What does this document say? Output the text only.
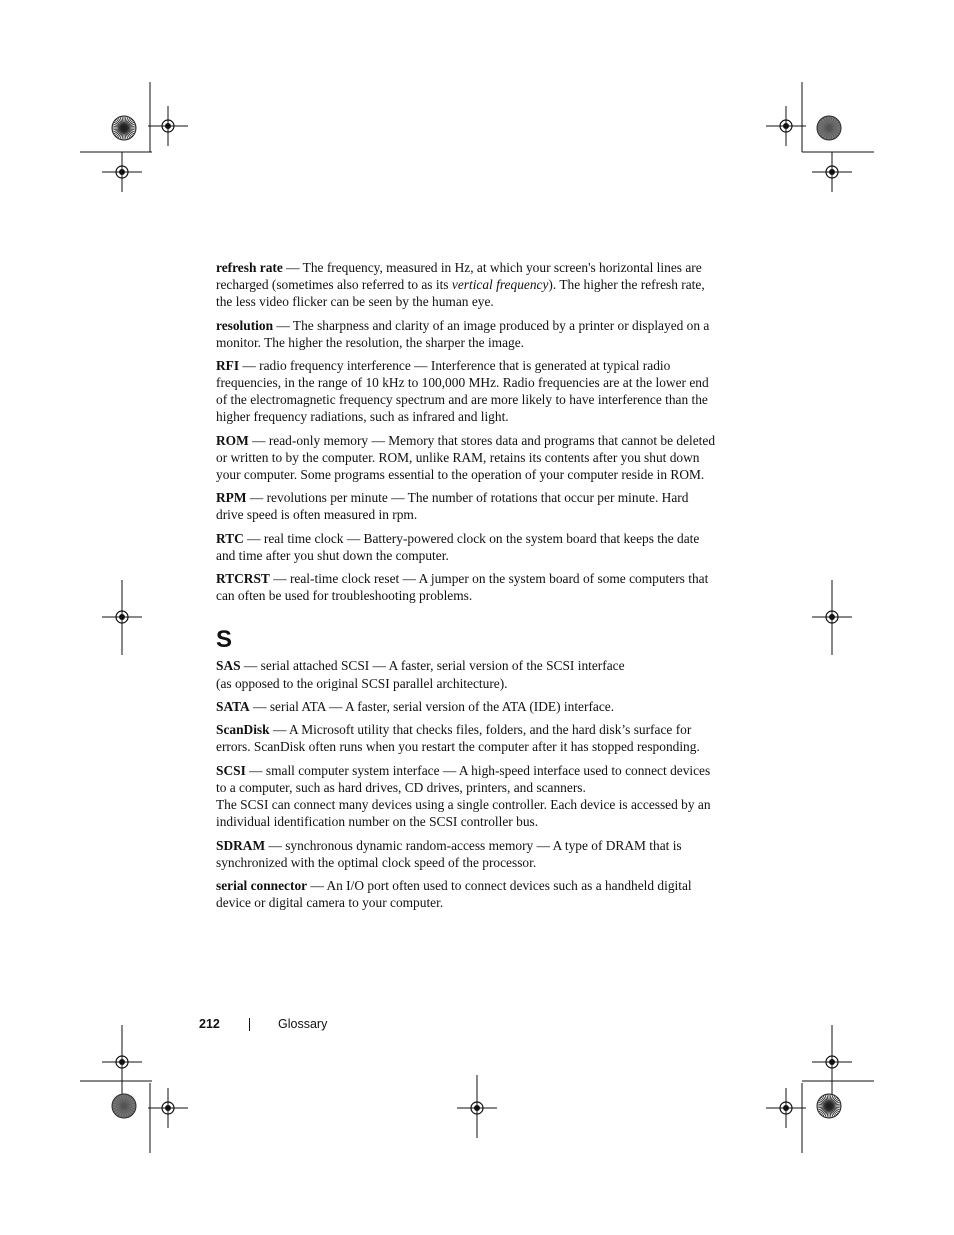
refresh rate — The frequency, measured in Hz, at which your screen's horizontal lines are recharged (sometimes also referred to as its vertical frequency). The higher the refresh rate, the less video flicker can be seen by the human eye.

resolution — The sharpness and clarity of an image produced by a printer or displayed on a monitor. The higher the resolution, the sharper the image.

RFI — radio frequency interference — Interference that is generated at typical radio frequencies, in the range of 10 kHz to 100,000 MHz. Radio frequencies are at the lower end of the electromagnetic frequency spectrum and are more likely to have interference than the higher frequency radiations, such as infrared and light.

ROM — read-only memory — Memory that stores data and programs that cannot be deleted or written to by the computer. ROM, unlike RAM, retains its contents after you shut down your computer. Some programs essential to the operation of your computer reside in ROM.

RPM — revolutions per minute — The number of rotations that occur per minute. Hard drive speed is often measured in rpm.

RTC — real time clock — Battery-powered clock on the system board that keeps the date and time after you shut down the computer.

RTCRST — real-time clock reset — A jumper on the system board of some computers that can often be used for troubleshooting problems.

S

SAS — serial attached SCSI — A faster, serial version of the SCSI interface
(as opposed to the original SCSI parallel architecture).

SATA — serial ATA — A faster, serial version of the ATA (IDE) interface.

ScanDisk — A Microsoft utility that checks files, folders, and the hard disk’s surface for errors. ScanDisk often runs when you restart the computer after it has stopped responding.

SCSI — small computer system interface — A high-speed interface used to connect devices to a computer, such as hard drives, CD drives, printers, and scanners.
The SCSI can connect many devices using a single controller. Each device is accessed by an individual identification number on the SCSI controller bus.

SDRAM — synchronous dynamic random-access memory — A type of DRAM that is synchronized with the optimal clock speed of the processor.

serial connector — An I/O port often used to connect devices such as a handheld digital device or digital camera to your computer.

212	Glossary
